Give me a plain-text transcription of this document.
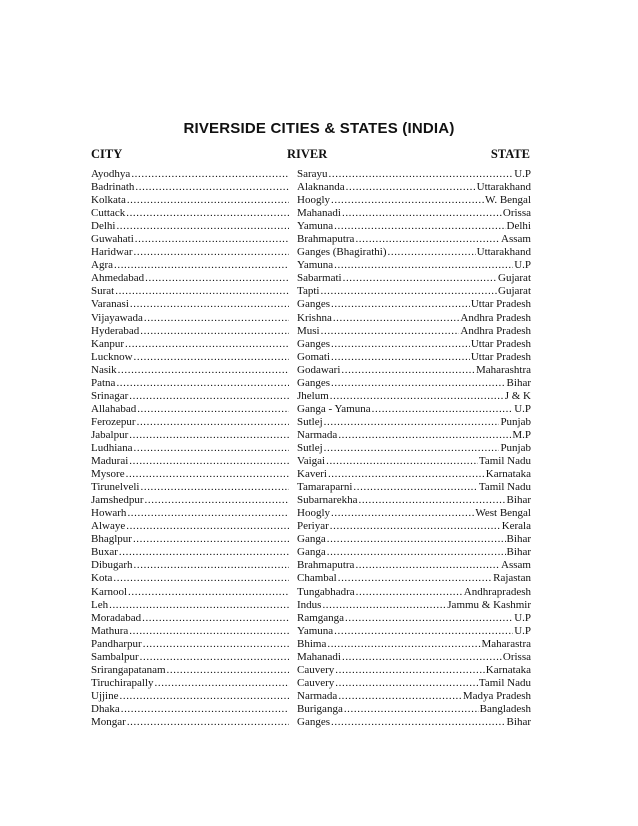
RIVERSIDE CITIES & STATES (INDIA)
CITY	RIVER	STATE
Ayodhya .....	Sarayu .....	U.P
Badrinath .....	Alaknanda .....	Uttarakhand
Kolkata .....	Hoogly .....	W. Bengal
Cuttack .....	Mahanadi .....	Orissa
Delhi .....	Yamuna .....	Delhi
Guwahati .....	Brahmaputra .....	Assam
Haridwar .....	Ganges (Bhagirathi) .....	Uttarakhand
Agra .....	Yamuna .....	U.P
Ahmedabad .....	Sabarmati .....	Gujarat
Surat .....	Tapti .....	Gujarat
Varanasi .....	Ganges .....	Uttar Pradesh
Vijayawada .....	Krishna .....	Andhra Pradesh
Hyderabad .....	Musi .....	Andhra Pradesh
Kanpur .....	Ganges .....	Uttar Pradesh
Lucknow .....	Gomati .....	Uttar Pradesh
Nasik .....	Godawari .....	Maharashtra
Patna .....	Ganges .....	Bihar
Srinagar .....	Jhelum .....	J & K
Allahabad .....	Ganga - Yamuna .....	U.P
Ferozepur .....	Sutlej .....	Punjab
Jabalpur .....	Narmada .....	M.P
Ludhiana .....	Sutlej .....	Punjab
Madurai .....	Vaigai .....	Tamil Nadu
Mysore .....	Kaveri .....	Karnataka
Tirunelveli .....	Tamaraparni .....	Tamil Nadu
Jamshedpur .....	Subarnarekha .....	Bihar
Howarh .....	Hoogly .....	West Bengal
Alwaye .....	Periyar .....	Kerala
Bhaglpur .....	Ganga .....	Bihar
Buxar .....	Ganga .....	Bihar
Dibugarh .....	Brahmaputra .....	Assam
Kota .....	Chambal .....	Rajastan
Karnool .....	Tungabhadra .....	Andhrapradesh
Leh .....	Indus .....	Jammu & Kashmir
Moradabad .....	Ramganga .....	U.P
Mathura .....	Yamuna .....	U.P
Pandharpur .....	Bhima .....	Maharastra
Sambalpur .....	Mahanadi .....	Orissa
Srirangapatanam .....	Cauvery .....	Karnataka
Tiruchirapally .....	Cauvery .....	Tamil Nadu
Ujjine .....	Narmada .....	Madya Pradesh
Dhaka .....	Buriganga .....	Bangladesh
Mongar .....	Ganges .....	Bihar
